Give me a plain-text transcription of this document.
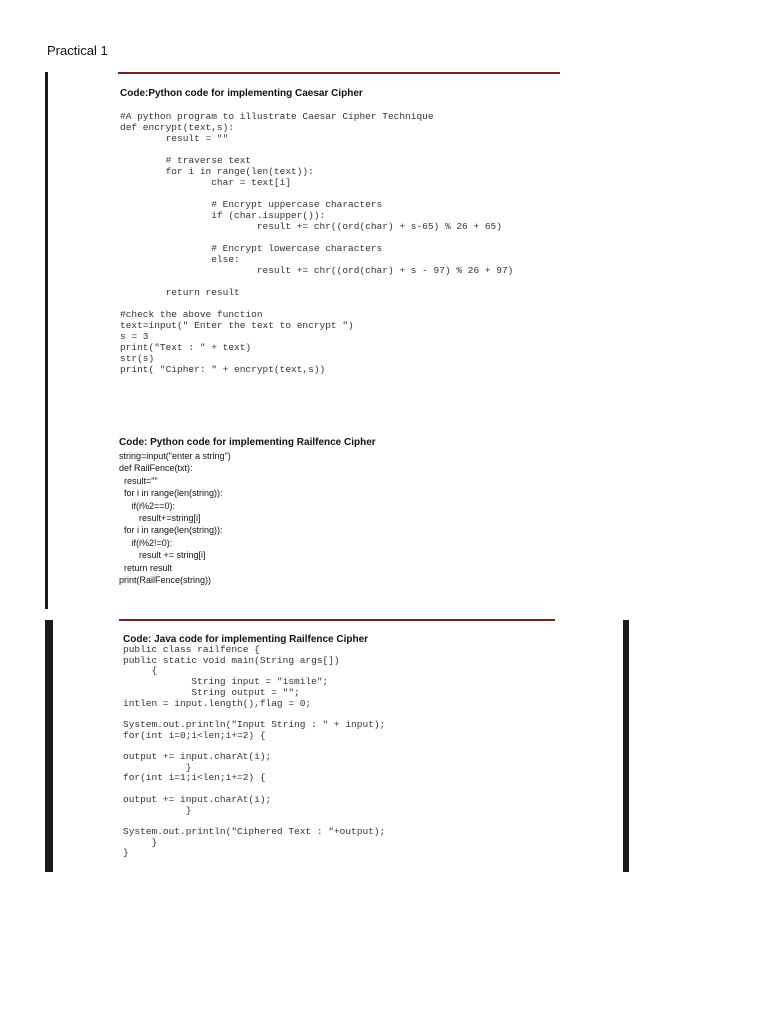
Practical 1
Code:Python code for implementing Caesar Cipher
#A python program to illustrate Caesar Cipher Technique
def encrypt(text,s):
result = ""

# traverse text
for i in range(len(text)):
char = text[i]

# Encrypt uppercase characters
if (char.isupper()):
result += chr((ord(char) + s-65) % 26 + 65)

# Encrypt lowercase characters
else:
result += chr((ord(char) + s - 97) % 26 + 97)

return result

#check the above function
text=input(" Enter the text to encrypt ")
s = 3
print("Text : " + text)
str(s)
print( "Cipher: " + encrypt(text,s))
Code: Python code for implementing Railfence Cipher
string=input("enter a string")
def RailFence(txt):
result=""
for i in range(len(string)):
if(i%2==0):
result+=string[i]
for i in range(len(string)):
if(i%2!=0):
result += string[i]
return result
print(RailFence(string))
Code: Java code for implementing Railfence Cipher
public class railfence {
public static void main(String args[])
{
String input = "ismile";
String output = "";
intlen = input.length(),flag = 0;

System.out.println("Input String : " + input);
for(int i=0;i<len;i+=2) {

output += input.charAt(i);
}
for(int i=1;i<len;i+=2) {

output += input.charAt(i);
}

System.out.println("Ciphered Text : "+output);
}
}
